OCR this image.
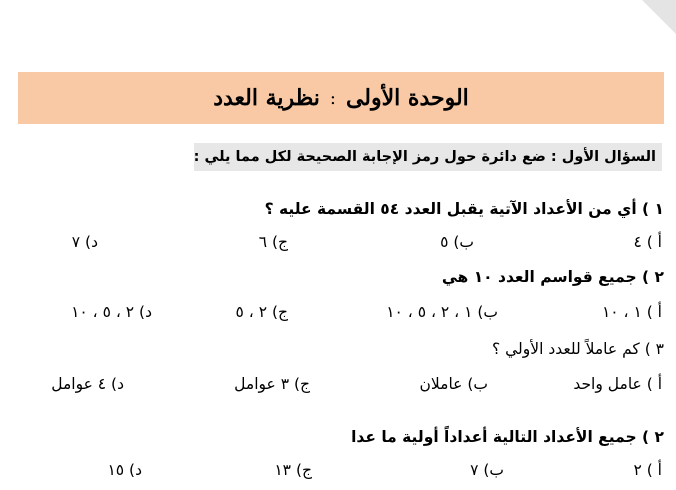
الوحدة الأولى
:
نظرية العدد
السؤال الأول : ضع دائرة حول رمز الإجابة الصحيحة لكل مما يلي :
١ ) أي من الأعداد الآتية يقبل العدد ٥٤ القسمة عليه ؟
أ ) ٤
ب) ٥
ج) ٦
د) ٧
٢ ) جميع قواسم العدد ١٠ هي
أ ) ١ ، ١٠
ب) ١ ، ٢ ، ٥ ، ١٠
ج) ٢ ، ٥
د) ٢ ، ٥ ، ١٠
٣ ) كم عاملاً للعدد الأولي ؟
أ ) عامل واحد
ب) عاملان
ج) ٣ عوامل
د) ٤ عوامل
٢ ) جميع الأعداد التالية أعداداً أولية ما عدا
أ ) ٢
ب) ٧
ج) ١٣
د) ١٥
